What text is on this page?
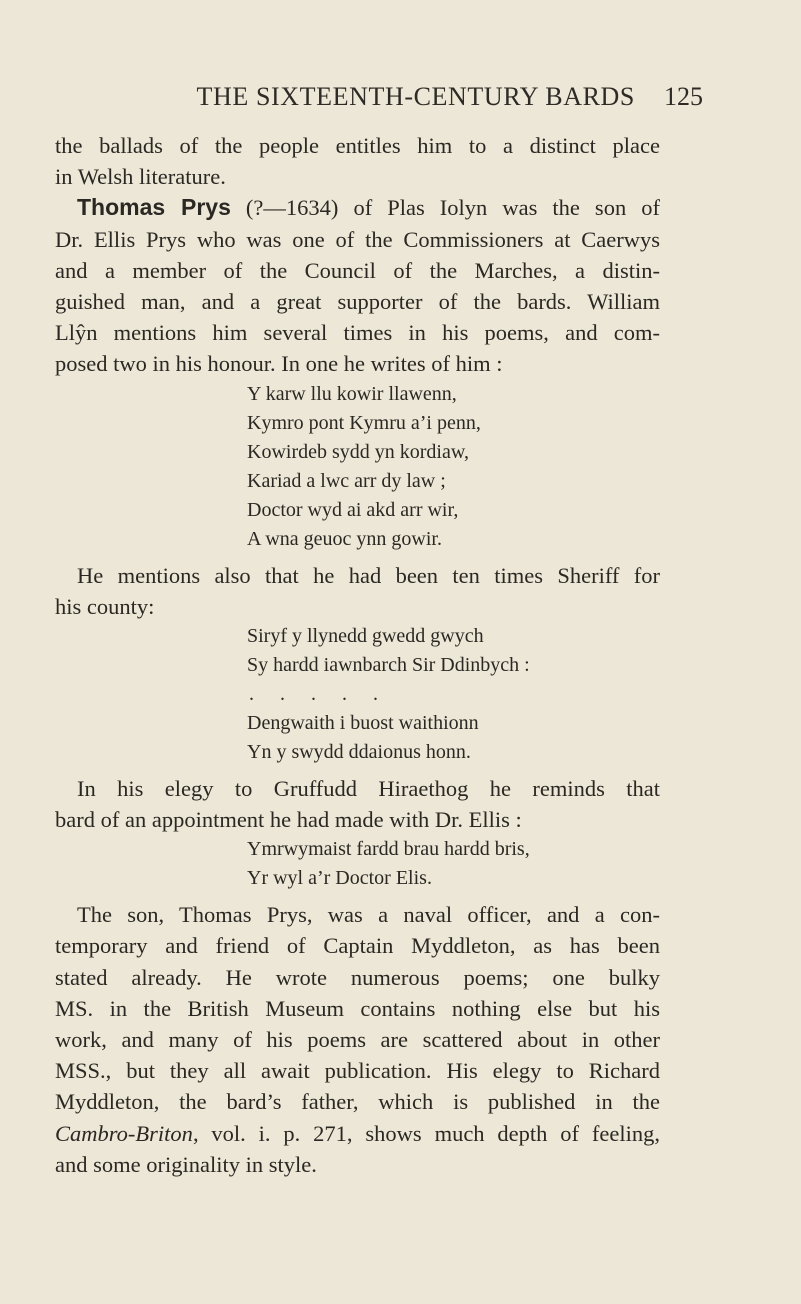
THE SIXTEENTH-CENTURY BARDS	125
the ballads of the people entitles him to a distinct place
in Welsh literature.
Thomas Prys (?—1634) of Plas Iolyn was the son of
Dr. Ellis Prys who was one of the Commissioners at Caerwys
and a member of the Council of the Marches, a distin-
guished man, and a great supporter of the bards. William
Llŷn mentions him several times in his poems, and com-
posed two in his honour. In one he writes of him :
Y karw llu kowir llawenn,
Kymro pont Kymru a’i penn,
Kowirdeb sydd yn kordiaw,
Kariad a lwc arr dy law ;
Doctor wyd ai akd arr wir,
A wna geuoc ynn gowir.
He mentions also that he had been ten times Sheriff for
his county:
Siryf y llynedd gwedd gwych
Sy hardd iawnbarch Sir Ddinbych :
.....
Dengwaith i buost waithionn
Yn y swydd ddaionus honn.
In his elegy to Gruffudd Hiraethog he reminds that
bard of an appointment he had made with Dr. Ellis :
Ymrwymaist fardd brau hardd bris,
Yr wyl a’r Doctor Elis.
The son, Thomas Prys, was a naval officer, and a con-
temporary and friend of Captain Myddleton, as has been
stated already. He wrote numerous poems; one bulky
MS. in the British Museum contains nothing else but his
work, and many of his poems are scattered about in other
MSS., but they all await publication. His elegy to Richard
Myddleton, the bard’s father, which is published in the
Cambro-Briton, vol. i. p. 271, shows much depth of feeling,
and some originality in style.
